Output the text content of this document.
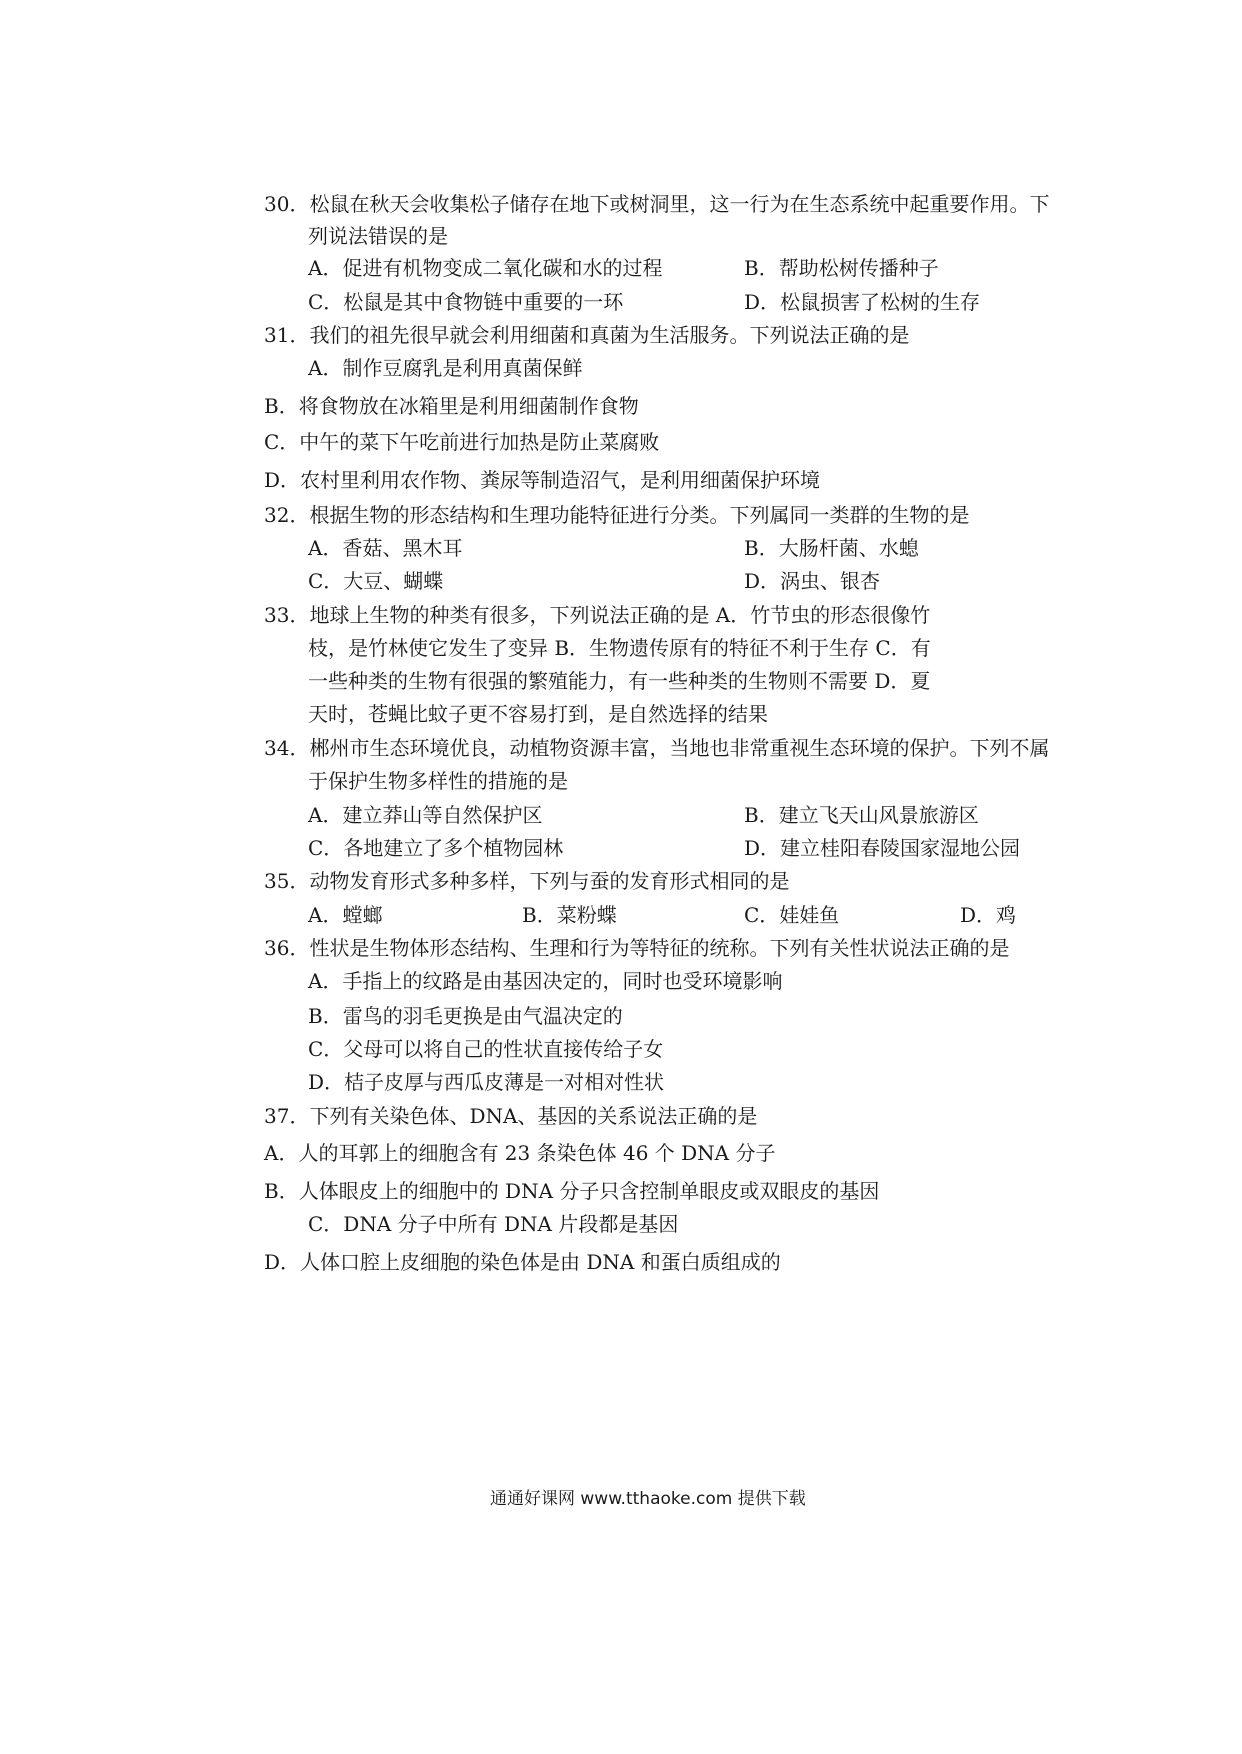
30．松鼠在秋天会收集松子储存在地下或树洞里，这一行为在生态系统中起重要作用。下
列说法错误的是
A．促进有机物变成二氧化碳和水的过程	B．帮助松树传播种子
C．松鼠是其中食物链中重要的一环	D．松鼠损害了松树的生存
31．我们的祖先很早就会利用细菌和真菌为生活服务。下列说法正确的是
A．制作豆腐乳是利用真菌保鲜
B．将食物放在冰箱里是利用细菌制作食物
C．中午的菜下午吃前进行加热是防止菜腐败
D．农村里利用农作物、粪尿等制造沼气，是利用细菌保护环境
32．根据生物的形态结构和生理功能特征进行分类。下列属同一类群的生物的是
A．香菇、黑木耳	B．大肠杆菌、水螅
C．大豆、蝴蝶	D．涡虫、银杏
33．地球上生物的种类有很多，下列说法正确的是 A．竹节虫的形态很像竹
枝，是竹林使它发生了变异 B．生物遗传原有的特征不利于生存 C．有
一些种类的生物有很强的繁殖能力，有一些种类的生物则不需要 D．夏
天时，苍蝇比蚊子更不容易打到，是自然选择的结果
34．郴州市生态环境优良，动植物资源丰富，当地也非常重视生态环境的保护。下列不属
于保护生物多样性的措施的是
A．建立莽山等自然保护区	B．建立飞天山风景旅游区
C．各地建立了多个植物园林	D．建立桂阳春陵国家湿地公园
35．动物发育形式多种多样，下列与蚕的发育形式相同的是
A．螳螂	B．菜粉蝶	C．娃娃鱼	D．鸡
36．性状是生物体形态结构、生理和行为等特征的统称。下列有关性状说法正确的是
A．手指上的纹路是由基因决定的，同时也受环境影响
B．雷鸟的羽毛更换是由气温决定的
C．父母可以将自己的性状直接传给子女
D．桔子皮厚与西瓜皮薄是一对相对性状
37．下列有关染色体、DNA、基因的关系说法正确的是
A．人的耳郭上的细胞含有 23 条染色体 46 个 DNA 分子
B．人体眼皮上的细胞中的 DNA 分子只含控制单眼皮或双眼皮的基因
C．DNA 分子中所有 DNA 片段都是基因
D．人体口腔上皮细胞的染色体是由 DNA 和蛋白质组成的
通通好课网 www.tthaoke.com 提供下载
